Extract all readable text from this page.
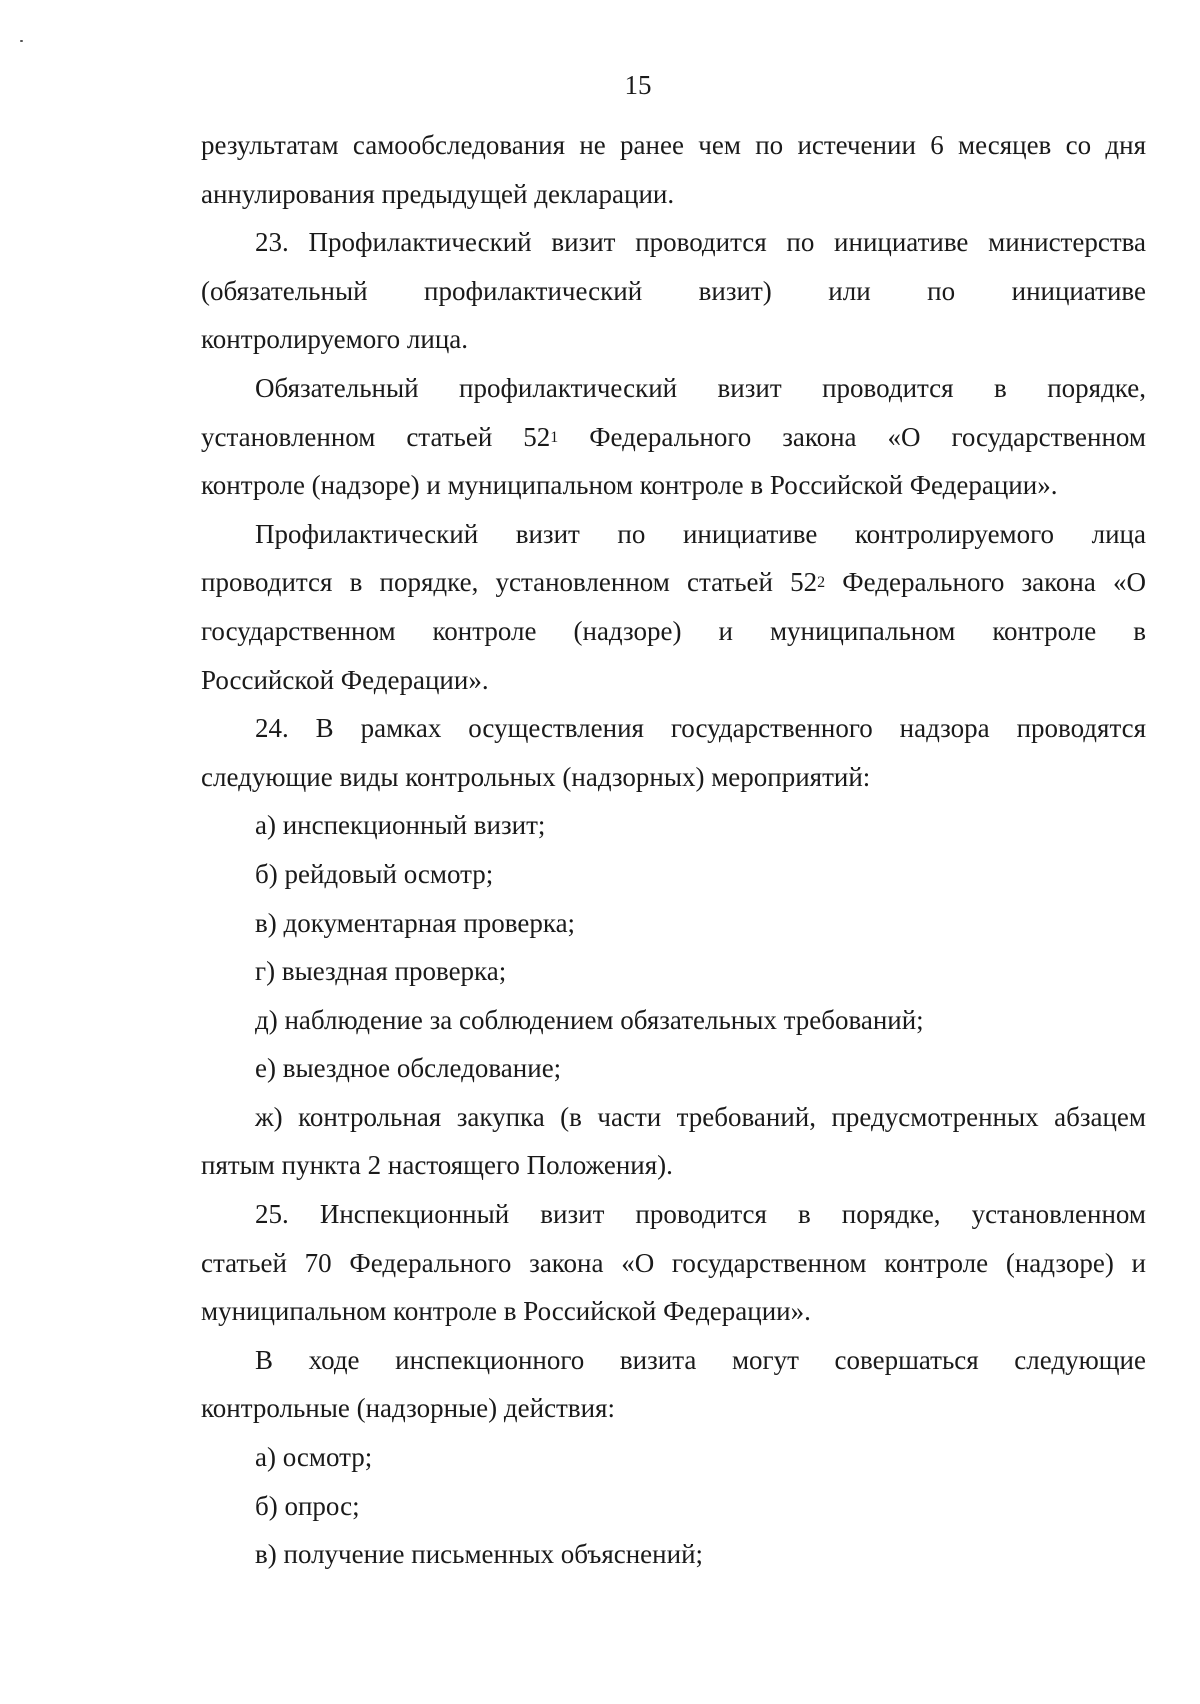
15
результатам самообследования не ранее чем по истечении 6 месяцев со дня
аннулирования предыдущей декларации.
23. Профилактический визит проводится по инициативе министерства
(обязательный профилактический визит) или по инициативе
контролируемого лица.
Обязательный профилактический визит проводится в порядке,
установленном статьей $52^1$ Федерального закона «О государственном
контроле (надзоре) и муниципальном контроле в Российской Федерации».
Профилактический визит по инициативе контролируемого лица
проводится в порядке, установленном статьей $52^2$ Федерального закона «О
государственном контроле (надзоре) и муниципальном контроле в
Российской Федерации».
24. В рамках осуществления государственного надзора проводятся
следующие виды контрольных (надзорных) мероприятий:
а) инспекционный визит;
б) рейдовый осмотр;
в) документарная проверка;
г) выездная проверка;
д) наблюдение за соблюдением обязательных требований;
е) выездное обследование;
ж) контрольная закупка (в части требований, предусмотренных абзацем
пятым пункта 2 настоящего Положения).
25. Инспекционный визит проводится в порядке, установленном
статьей 70 Федерального закона «О государственном контроле (надзоре) и
муниципальном контроле в Российской Федерации».
В ходе инспекционного визита могут совершаться следующие
контрольные (надзорные) действия:
а) осмотр;
б) опрос;
в) получение письменных объяснений;
